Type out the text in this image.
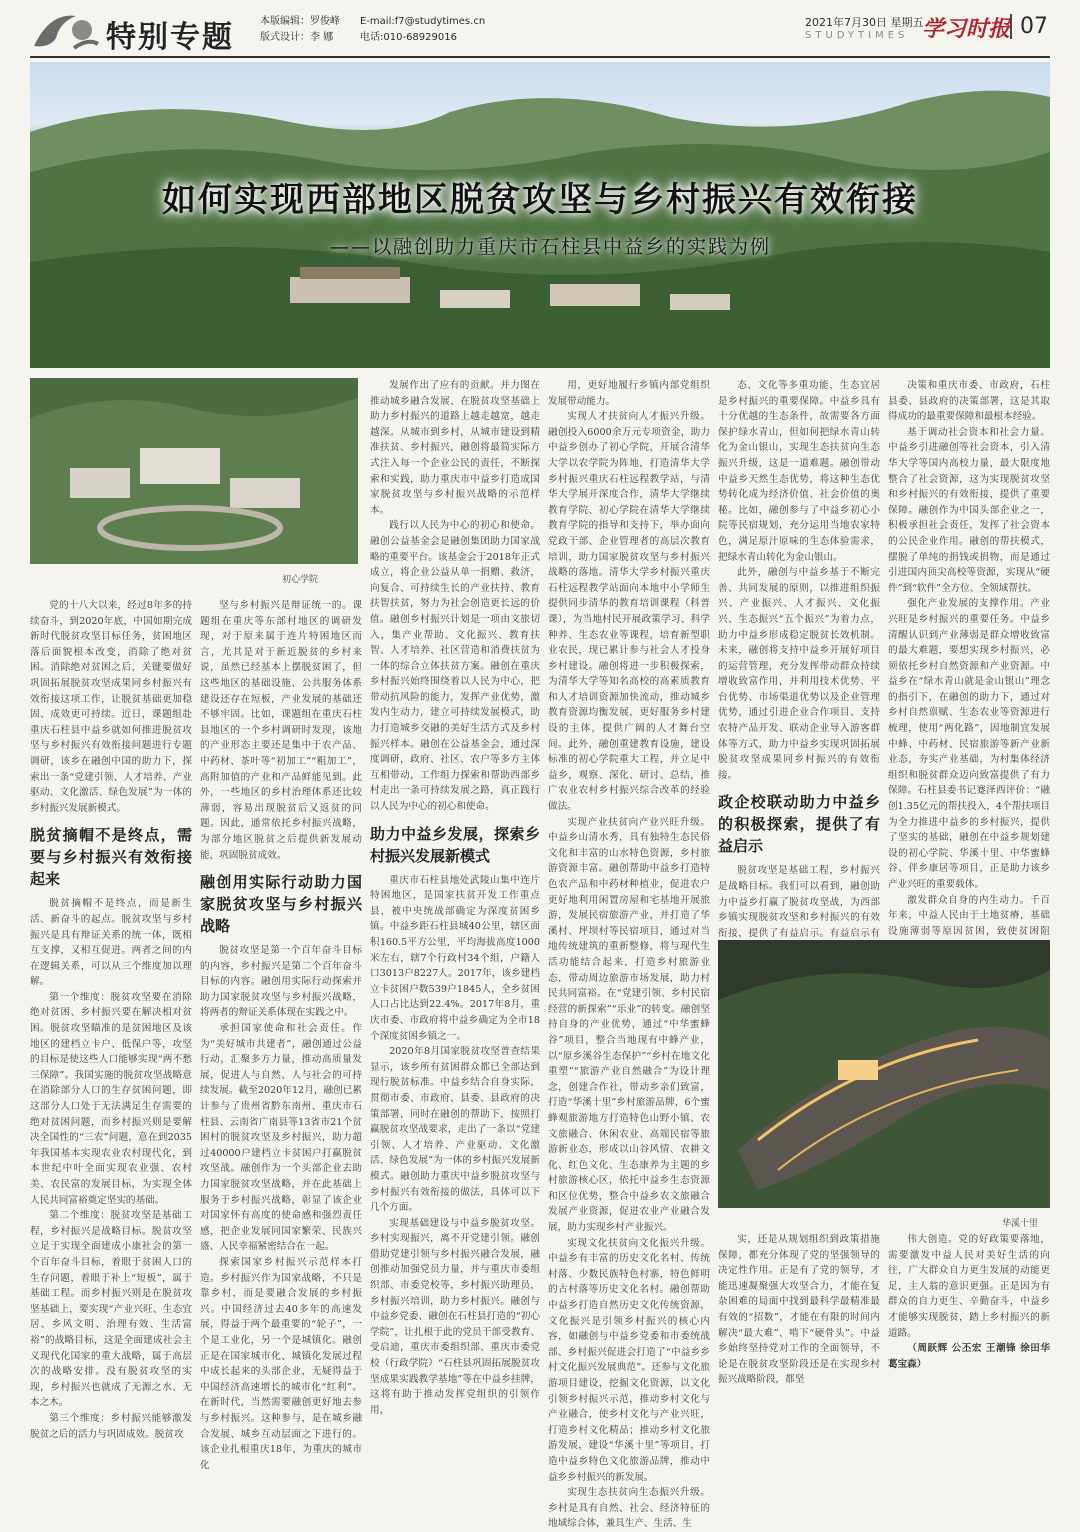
特别专题	本版编辑：罗俊峰
版式设计：李 娜
E-mail:f7@studytimes.cn
电话:010-68929016
2021年7月30日 星期五
STUDYTIMES 学习时报 07
如何实现西部地区脱贫攻坚与乡村振兴有效衔接
——以融创助力重庆市石柱县中益乡的实践为例
初心学院

党的十八大以来，经过8年多的持续奋斗，到2020年底，中国如期完成新时代脱贫攻坚目标任务，贫困地区落后面貌根本改变，消除了绝对贫困。消除绝对贫困之后，关键要做好巩固拓展脱贫攻坚成果同乡村振兴有效衔接这项工作，让脱贫基础更加稳固、成效更可持续。近日，课题组赴重庆石柱县中益乡就如何推进脱贫攻坚与乡村振兴有效衔接问题进行专题调研，该乡在融创中国的助力下，探索出一条“党建引领、人才培养、产业驱动、文化激活、绿色发展”为一体的乡村振兴发展新模式。

脱贫摘帽不是终点，需要与乡村振兴有效衔接起来

脱贫摘帽不是终点，而是新生活、新奋斗的起点。脱贫攻坚与乡村振兴是具有辩证关系的统一体，既相互支撑，又相互促进。两者之间的内在逻辑关系，可以从三个维度加以理解。

第一个维度：脱贫攻坚要在消除绝对贫困、乡村振兴要在解决相对贫困。脱贫攻坚瞄准的是贫困地区及该地区的建档立卡户、低保户等，攻坚的目标是使这些人口能够实现“两不愁三保障”。我国实施的脱贫攻坚战略意在消除部分人口的生存贫困问题，即这部分人口处于无法满足生存需要的绝对贫困问题，而乡村振兴则是要解决全国性的“三农”问题，意在到2035年我国基本实现农业农村现代化，到本世纪中叶全面实现农业强、农村美、农民富的发展目标，为实现全体人民共同富裕奠定坚实的基础。

第二个维度：脱贫攻坚是基础工程，乡村振兴是战略目标。脱贫攻坚立足于实现全面建成小康社会的第一个百年奋斗目标，着眼于贫困人口的生存问题，着眼于补上“短板”，属于基础工程。而乡村振兴则是在脱贫攻坚基础上，要实现“产业兴旺、生态宜居、乡风文明、治理有效、生活富裕”的战略目标，这是全面建成社会主义现代化国家的重大战略，属于高层次的战略安排。没有脱贫攻坚的实现，乡村振兴也就成了无源之水、无本之木。

第三个维度：乡村振兴能够激发脱贫之后的活力与巩固成效。脱贫攻

坚与乡村振兴是辩证统一的。课题组在重庆等东部村地区的调研发现，对于原来属于连片特困地区而言，尤其是对于新近脱贫的乡村来说，虽然已经基本上摆脱贫困了，但这些地区的基础设施、公共服务体系建设还存在短板，产业发展的基础还不够牢固。比如，课题组在重庆石柱县地区的一个乡村调研时发现，该地的产业形态主要还是集中于农产品、中药材、茶叶等“初加工”“粗加工”，高附加值的产业和产品鲜能见到。此外，一些地区的乡村治理体系还比较薄弱，容易出现脱贫后又返贫的问题。因此，通常依托乡村振兴战略，为部分地区脱贫之后提供新发展动能，巩固脱贫成效。

融创用实际行动助力国家脱贫攻坚与乡村振兴战略

脱贫攻坚是第一个百年奋斗目标的内容，乡村振兴是第二个百年奋斗目标的内容。融创用实际行动探索并助力国家脱贫攻坚与乡村振兴战略，将两者的辩证关系体现在实践之中。

承担国家使命和社会责任。作为“美好城市共建者”，融创通过公益行动，汇聚多方力量，推动高质量发展，促进人与自然、人与社会的可持续发展。截至2020年12月，融创已累计参与了贵州省黔东南州、重庆市石柱县、云南省广南县等13省市21个贫困村的脱贫攻坚及乡村振兴，助力超过40000户建档立卡贫困户打赢脱贫攻坚战。融创作为一个头部企业去助力国家脱贫攻坚战略，并在此基础上服务于乡村振兴战略，彰显了该企业对国家怀有高度的使命感和强烈责任感，把企业发展同国家繁荣、民族兴盛、人民幸福紧密结合在一起。

探索国家乡村振兴示范样本打造。乡村振兴作为国家战略，不只是靠乡村，而是要融合发展的乡村振兴。中国经济过去40多年的高速发展，得益于两个最重要的“轮子”，一个是工业化，另一个是城镇化。融创正是在国家城市化、城镇化发展过程中成长起来的头部企业，无疑得益于中国经济高速增长的城市化“红利”。在新时代，当然需要融创更好地去参与乡村振兴。这种参与，是在城乡融合发展、城乡互动层面之下进行的。该企业扎根重庆18年，为重庆的城市化

发展作出了应有的贡献。并力图在推动城乡融合发展、在脱贫攻坚基础上助力乡村振兴的道路上越走越宽，越走越深。从城市到乡村，从城市建设到精准扶贫、乡村振兴，融创将最简实际方式注入每一个企业公民的责任，不断探索和实践，助力重庆市中益乡打造成国家脱贫攻坚与乡村振兴战略的示范样本。

践行以人民为中心的初心和使命。融创公益基金会是融创集团助力国家战略的重要平台。该基金会于2018年正式成立，将企业公益从单一捐赠、救济，向复合、可持续生长的产业扶持、教育扶智扶贫，努力为社会创造更长远的价值。融创乡村振兴计划是一项由文旅切入，集产业帮助、文化振兴、教育扶智、人才培养、社区营造和消费扶贫为一体的综合立体扶贫方案。融创在重庆乡村振兴始终围绕着以人民为中心，把带动抗风险的能力，发挥产业优势，激发内生动力，建立可持续发展模式，助力打造城乡交融的美好生活方式及乡村振兴样本。融创在公益基金会，通过深度调研，政府、社区、农户等多方主体互相带动，工作组力探索和帮助西部乡村走出一条可持续发展之路，真正践行以人民为中心的初心和使命。

助力中益乡发展，探索乡村振兴发展新模式

重庆市石柱县地处武陵山集中连片特困地区，是国家扶贫开发工作重点县，被中央统战部确定为深度贫困乡镇。中益乡距石柱县城40公里，辖区面积160.5平方公里，平均海拔高度1000米左右，辖7个行政村34个组，户籍人口3013户8227人。2017年，该乡建档立卡贫困户数539户1845人，全乡贫困人口占比达到22.4%。2017年8月，重庆市委、市政府将中益乡确定为全市18个深度贫困乡镇之一。

2020年8月国家脱贫攻坚普查结果显示，该乡所有贫困群众都已全部达到现行脱贫标准。中益乡结合自身实际，贯彻市委、市政府、县委、县政府的决策部署，同时在融创的帮助下，按照打赢脱贫攻坚战要求，走出了一条以“党建引领、人才培养、产业驱动、文化激活、绿色发展”为一体的乡村振兴发展新模式。融创助力重庆中益乡脱贫攻坚与乡村振兴有效衔接的做法，具体可以下几个方面。

实现基础建设与中益乡脱贫攻坚。乡村实现振兴，离不开党建引领。融创借助党建引领与乡村振兴融合发展，融创推动加强党员力量，并与重庆市委组织部、市委党校等，乡村振兴助理员，乡村振兴培训，助力乡村振兴。融创与中益乡党委、融创在石柱县打造的“初心学院”，让扎根于此的党员干部受教育、受启迪，重庆市委组织部、重庆市委党校（行政学院）“石柱县巩固拓展脱贫攻坚成果实践教学基地”等在中益乡挂牌，这将有助于推动发挥党组织的引领作用，

用，更好地履行乡镇内部党组织发展带动能力。

实现人才扶贫向人才振兴升级。融创投入6000余万元专项资金，助力中益乡创办了初心学院，开展合清华大学以农学院为阵地，打造清华大学乡村振兴重庆石柱远程教学站，与清华大学展开深度合作，清华大学继续教育学院、初心学院在清华大学继续教育学院的指导和支持下，举办面向党政干部、企业管理者的高层次教育培训，助力国家脱贫攻坚与乡村振兴战略的落地。清华大学乡村振兴重庆石柱远程教学站面向本地中小学师生提供同步清华的教育培训课程（科普课），为当地村民开展政策学习、科学种养、生态农业等课程，培育新型职业农民，现已累计参与社会人才投身乡村建设。融创将进一步积极探索，为清华大学等知名高校的高素质教育和人才培训资源加快流动，推动城乡教育资源均衡发展，更好服务乡村建设的主体，提供广阔的人才舞台空间。此外，融创重建教育设施，建设标准的初心学院重大工程，并立足中益乡，观察、深化、研讨、总结，推广农业农村乡村振兴综合改革的经验做法。

实现产业扶贫向产业兴旺升级。中益乡山清水秀，具有独特生态民俗文化和丰富的山水特色资源，乡村旅游资源丰富。融创帮助中益乡打造特色农产品和中药材种植业，促进农户更好地利用闲置房屋和宅基地开展旅游，发展民宿旅游产业，并打造了华溪村、坪坝村等民宿项目，通过对当地传统建筑的重新整修，将与现代生活功能结合起来，打造乡村旅游业态，带动周边旅游市场发展，助力村民共同富裕。在“党建引领、乡村民宿经营的新探索”“乐业”的转变。融创坚持自身的产业优势，通过“中华蜜蜂谷”项目，整合当地现有中蜂产业，以“原乡溪谷生态保护”“乡村在地文化重塑”“旅游产业自然融合”为设计理念，创建合作社，带动乡亲们致富，打造“华溪十里”乡村旅游品牌，6个蜜蜂观旅游地方打造特色山野小镇、农文旅融合、休闲农业、高端民宿等旅游新业态，形成以山谷风情、农耕文化、红色文化、生态康养为主题的乡村旅游核心区，依托中益乡生态资源和区位优势，整合中益乡农文旅融合发展产业资源，促进农业产业融合发展，助力实现乡村产业振兴。

实现文化扶贫向文化振兴升级。中益乡有丰富的历史文化名村、传统村落、少数民族特色村寨，特色鲜明的古村落等历史文化名村。融创帮助中益乡打造自然历史文化传统资源，文化振兴是引领乡村振兴的核心内容，如融创与中益乡党委和市委统战部、乡村振兴促进会打造了“中益乡乡村文化振兴发展典范”。还参与文化旅游项目建设，挖掘文化资源，以文化引领乡村振兴示范，推动乡村文化与产业融合，使乡村文化与产业兴旺，打造乡村文化精品；推动乡村文化旅游发展，建设“华溪十里”等项目，打造中益乡特色文化旅游品牌，推动中益乡乡村振兴的新发展。

实现生态扶贫向生态振兴升级。乡村是具有自然、社会、经济特征的地域综合体，兼具生产、生活、生

态、文化等多重功能，生态宜居是乡村振兴的重要保障。中益乡具有十分优越的生态条件，故需要各方面保护绿水青山，但如何把绿水青山转化为金山银山，实现生态扶贫向生态振兴升级，这是一道难题。融创带动中益乡天然生态优势，将这种生态优势转化成为经济价值、社会价值的奥秘。比如，融创参与了中益乡初心小院等民宿规划，充分运用当地农家特色，满足原汁原味的生态体验需求，把绿水青山转化为金山银山。

此外，融创与中益乡基于不断完善、共同发展的原则，以推进组织振兴、产业振兴、人才振兴、文化振兴、生态振兴“五个振兴”为着力点，助力中益乡形成稳定脱贫长效机制。未来，融创将支持中益乡开展好项目的运营管理，充分发挥带动群众持续增收致富作用，并利用技术优势、平台优势、市场渠道优势以及企业管理优势，通过引进企业合作项目、支持农特产品开发、联动企业导入游客群体等方式，助力中益乡实现巩固拓展脱贫攻坚成果同乡村振兴的有效衔接。

政企校联动助力中益乡的积极探索，提供了有益启示

脱贫攻坚是基础工程，乡村振兴是战略目标。我们可以看到，融创助力中益乡打赢了脱贫攻坚战，为西部乡镇实现脱贫攻坚和乡村振兴的有效衔接，提供了有益启示。有益启示有

决策和重庆市委、市政府，石柱县委、县政府的决策部署，这是其取得成功的最重要保障和最根本经验。

基于调动社会资本和社会力量。中益乡引进融创等社会资本，引入清华大学等国内高校力量，最大限度地整合了社会资源，这为实现脱贫攻坚和乡村振兴的有效衔接，提供了重要保障。融创作为中国头部企业之一，积极承担社会责任，发挥了社会资本的公民企业作用。融创的帮扶模式，摆脱了单纯的捐钱或捐物，而是通过引进国内顶尖高校等资源，实现从“硬件”到“软件”全方位、全领域帮扶。

强化产业发展的支撑作用。产业兴旺是乡村振兴的重要任务。中益乡清醒认识到产业薄弱是群众增收致富的最大难题，要想实现乡村振兴，必须依托乡村自然资源和产业资源。中益乡在“绿水青山就是金山银山”理念的指引下，在融创的助力下，通过对乡村自然禀赋、生态农业等资源进行梳理，使用“两化路”，因地制宜发展中蜂、中药材、民宿旅游等新产业新业态，夯实产业基础，为村集体经济组织和脱贫群众迈向致富提供了有力保障。石柱县委书记蹇泽西评价：“融创1.35亿元的帮扶投入，4个帮扶项目为全力推进中益乡的乡村振兴，提供了坚实的基础，融创在中益乡规划建设的初心学院、华溪十里、中华蜜蜂谷、伴乡康居等项目，正是助力该乡产业兴旺的重要载体。

激发群众自身的内生动力。千百年来，中益人民由于土地贫瘠，基础设施薄弱等原因贫困，致使贫困阻

华溪十里

实，还是从规划组织到政策措施保障，都充分体现了党的坚强领导的决定性作用。正是有了党的领导，才能迅速凝聚强大攻坚合力，才能在复杂困难的局面中找到最科学最精准最有效的“招数”，才能在有限的时间内解决“最大难”、啃下“硬骨头”。中益乡始终坚持党对工作的全面领导，不论是在脱贫攻坚阶段还是在实现乡村振兴战略阶段，都坚

伟大创造。党的好政策要落地，需要激发中益人民对美好生活的向往，广大群众自力更生发展的动能更足，主人翁的意识更强。正是因为有群众的自力更生、辛勤奋斗，中益乡才能够实现脱贫，踏上乡村振兴的新道路。

（周跃辉 公丕宏 王潮锋 徐田华 葛宝森）
